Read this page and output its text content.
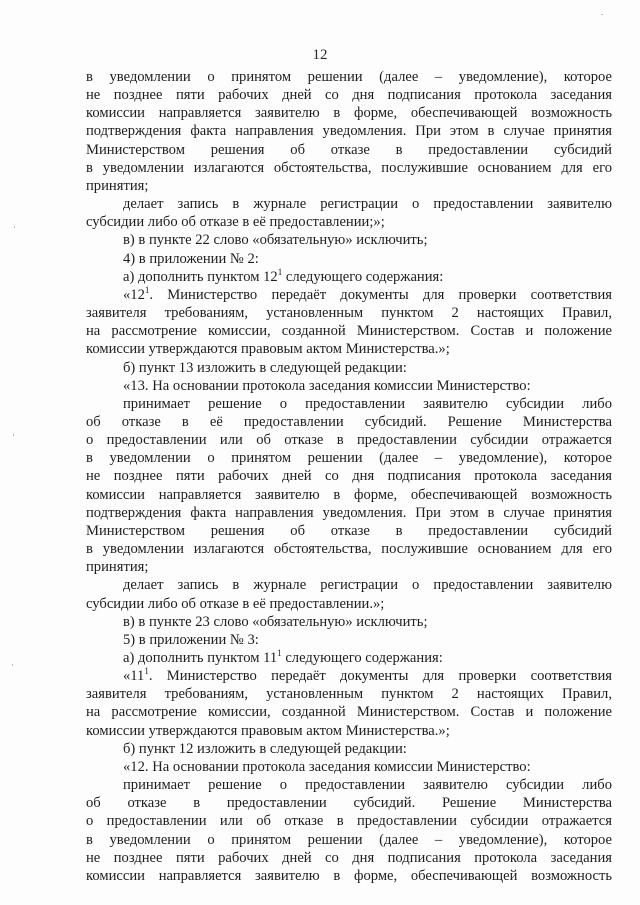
12

в уведомлении о принятом решении (далее – уведомление), которое

не позднее пяти рабочих дней со дня подписания протокола заседания

комиссии направляется заявителю в форме, обеспечивающей возможность

подтверждения факта направления уведомления. При этом в случае принятия

Министерством решения об отказе в предоставлении субсидий

в уведомлении излагаются обстоятельства, послужившие основанием для его

принятия;

делает запись в журнале регистрации о предоставлении заявителю

субсидии либо об отказе в её предоставлении;»;

в) в пункте 22 слово «обязательную» исключить;

4) в приложении № 2:

а) дополнить пунктом $12^1$ следующего содержания:

«$12^1$. Министерство передаёт документы для проверки соответствия

заявителя требованиям, установленным пунктом 2 настоящих Правил,

на рассмотрение комиссии, созданной Министерством. Состав и положение

комиссии утверждаются правовым актом Министерства.»;

б) пункт 13 изложить в следующей редакции:

«13. На основании протокола заседания комиссии Министерство:

принимает решение о предоставлении заявителю субсидии либо

об отказе в её предоставлении субсидий. Решение Министерства

о предоставлении или об отказе в предоставлении субсидии отражается

в уведомлении о принятом решении (далее – уведомление), которое

не позднее пяти рабочих дней со дня подписания протокола заседания

комиссии направляется заявителю в форме, обеспечивающей возможность

подтверждения факта направления уведомления. При этом в случае принятия

Министерством решения об отказе в предоставлении субсидий

в уведомлении излагаются обстоятельства, послужившие основанием для его

принятия;

делает запись в журнале регистрации о предоставлении заявителю

субсидии либо об отказе в её предоставлении.»;

в) в пункте 23 слово «обязательную» исключить;

5) в приложении № 3:

а) дополнить пунктом $11^1$ следующего содержания:

«$11^1$. Министерство передаёт документы для проверки соответствия

заявителя требованиям, установленным пунктом 2 настоящих Правил,

на рассмотрение комиссии, созданной Министерством. Состав и положение

комиссии утверждаются правовым актом Министерства.»;

б) пункт 12 изложить в следующей редакции:

«12. На основании протокола заседания комиссии Министерство:

принимает решение о предоставлении заявителю субсидии либо

об отказе в предоставлении субсидий. Решение Министерства

о предоставлении или об отказе в предоставлении субсидии отражается

в уведомлении о принятом решении (далее – уведомление), которое

не позднее пяти рабочих дней со дня подписания протокола заседания

комиссии направляется заявителю в форме, обеспечивающей возможность
